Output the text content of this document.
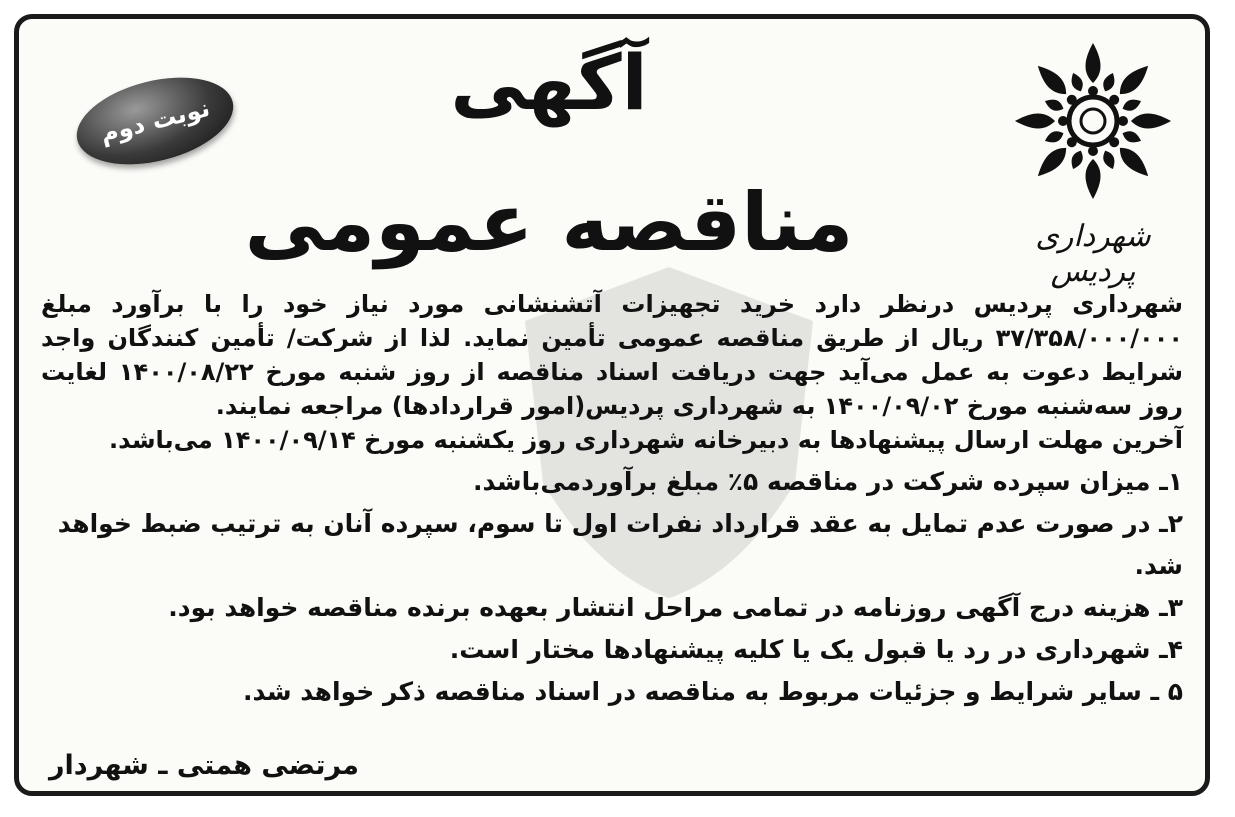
شهرداری پردیس
نوبت دوم	آگهی
مناقصه عمومی

شهرداری پردیس درنظر دارد خرید تجهیزات آتشنشانی مورد نیاز خود را با برآورد مبلغ ۳۷/۳۵۸/۰۰۰/۰۰۰ ریال از طریق مناقصه عمومی تأمین نماید. لذا از شرکت/ تأمین کنندگان واجد شرایط دعوت به عمل می‌آید جهت دریافت اسناد مناقصه از روز شنبه مورخ ۱۴۰۰/۰۸/۲۲ لغایت روز سه‌شنبه مورخ ۱۴۰۰/۰۹/۰۲ به شهرداری پردیس(امور قراردادها) مراجعه نمایند.

آخرین مهلت ارسال پیشنهادها به دبیرخانه شهرداری روز یکشنبه مورخ ۱۴۰۰/۰۹/۱۴ می‌باشد.

۱ـ میزان سپرده شرکت در مناقصه ۵٪ مبلغ برآوردمی‌باشد.
۲ـ در صورت عدم تمایل به عقد قرارداد نفرات اول تا سوم، سپرده آنان به ترتیب ضبط خواهد شد.
۳ـ هزینه درج آگهی روزنامه در تمامی مراحل انتشار بعهده برنده مناقصه خواهد بود.
۴ـ شهرداری در رد یا قبول یک یا کلیه پیشنهادها مختار است.
۵ ـ سایر شرایط و جزئیات مربوط به مناقصه در اسناد مناقصه ذکر خواهد شد.
مرتضی همتی ـ شهردار
